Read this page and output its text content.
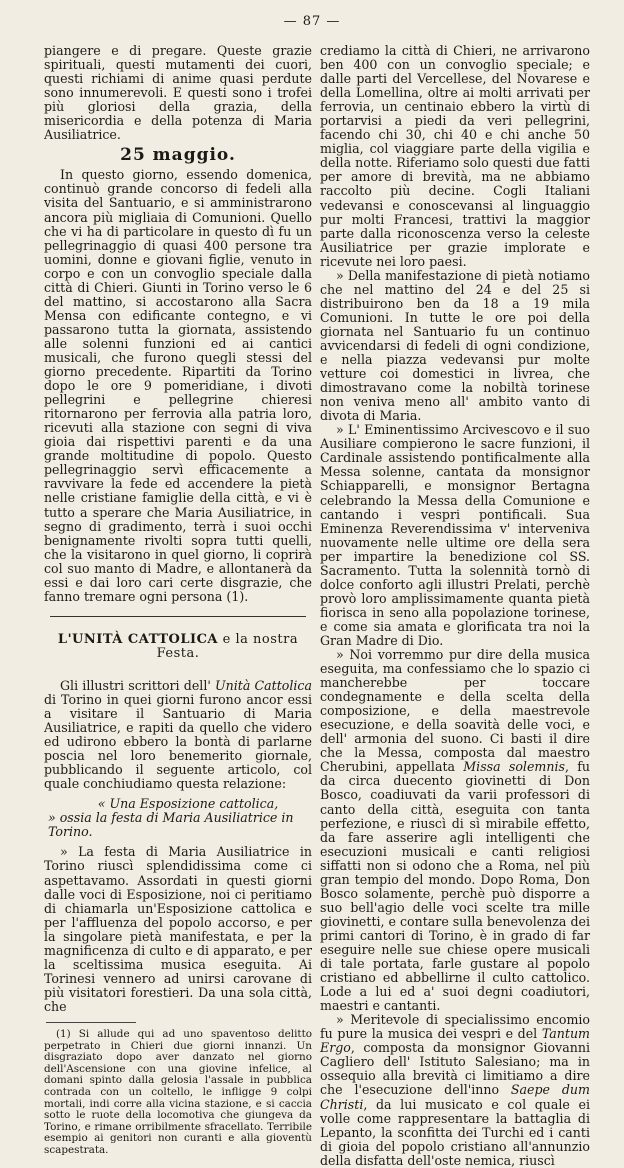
— 87 —

piangere e di pregare. Queste grazie spirituali, questi mutamenti dei cuori, questi richiami di anime quasi perdute sono innumerevoli. E questi sono i trofei più gloriosi della grazia, della misericordia e della potenza di Maria Ausiliatrice.

25 maggio.

In questo giorno, essendo domenica, continuò grande concorso di fedeli alla visita del Santuario, e si amministrarono ancora più migliaia di Comunioni. Quello che vi ha di particolare in questo dì fu un pellegrinaggio di quasi 400 persone tra uomini, donne e giovani figlie, venuto in corpo e con un convoglio speciale dalla città di Chieri. Giunti in Torino verso le 6 del mattino, si accostarono alla Sacra Mensa con edificante contegno, e vi passarono tutta la giornata, assistendo alle solenni funzioni ed ai cantici musicali, che furono quegli stessi del giorno precedente. Ripartiti da Torino dopo le ore 9 pomeridiane, i divoti pellegrini e pellegrine chieresi ritornarono per ferrovia alla patria loro, ricevuti alla stazione con segni di viva gioia dai rispettivi parenti e da una grande moltitudine di popolo. Questo pellegrinaggio servì efficacemente a ravvivare la fede ed accendere la pietà nelle cristiane famiglie della città, e vi è tutto a sperare che Maria Ausiliatrice, in segno di gradimento, terrà i suoi occhi benignamente rivolti sopra tutti quelli, che la visitarono in quel giorno, li coprirà col suo manto di Madre, e allontanerà da essi e dai loro cari certe disgrazie, che fanno tremare ogni persona (1).

L'UNITÀ CATTOLICA e la nostra Festa.

Gli illustri scrittori dell' Unità Cattolica di Torino in quei giorni furono ancor essi a visitare il Santuario di Maria Ausiliatrice, e rapiti da quello che videro ed udirono ebbero la bontà di parlarne poscia nel loro benemerito giornale, pubblicando il seguente articolo, col quale conchiudiamo questa relazione:

« Una Esposizione cattolica,
» ossia la festa di Maria Ausiliatrice in Torino.

» La festa di Maria Ausiliatrice in Torino riuscì splendidissima come ci aspettavamo. Assordati in questi giorni dalle voci di Esposizione, noi ci peritiamo di chiamarla un'Esposizione cattolica e per l'affluenza del popolo accorso, e per la singolare pietà manifestata, e per la magnificenza di culto e di apparato, e per la sceltissima musica eseguita. Ai Torinesi vennero ad unirsi carovane di più visitatori forestieri. Da una sola città, che

(1) Si allude qui ad uno spaventoso delitto perpetrato in Chieri due giorni innanzi. Un disgraziato dopo aver danzato nel giorno dell'Ascensione con una giovine infelice, al domani spinto dalla gelosia l'assale in pubblica contrada con un coltello, le infligge 9 colpi mortali, indi corre alla vicina stazione, e si caccia sotto le ruote della locomotiva che giungeva da Torino, e rimane orribilmente sfracellato. Terribile esempio ai genitori non curanti e alla gioventù scapestrata.

crediamo la città di Chieri, ne arrivarono ben 400 con un convoglio speciale; e dalle parti del Vercellese, del Novarese e della Lomellina, oltre ai molti arrivati per ferrovia, un centinaio ebbero la virtù di portarvisi a piedi da veri pellegrini, facendo chi 30, chi 40 e chi anche 50 miglia, col viaggiare parte della vigilia e della notte. Riferiamo solo questi due fatti per amore di brevità, ma ne abbiamo raccolto più decine. Cogli Italiani vedevansi e conoscevansi al linguaggio pur molti Francesi, trattivi la maggior parte dalla riconoscenza verso la celeste Ausiliatrice per grazie implorate e ricevute nei loro paesi.

» Della manifestazione di pietà notiamo che nel mattino del 24 e del 25 si distribuirono ben da 18 a 19 mila Comunioni. In tutte le ore poi della giornata nel Santuario fu un continuo avvicendarsi di fedeli di ogni condizione, e nella piazza vedevansi pur molte vetture coi domestici in livrea, che dimostravano come la nobiltà torinese non veniva meno all' ambito vanto di divota di Maria.

» L' Eminentissimo Arcivescovo e il suo Ausiliare compierono le sacre funzioni, il Cardinale assistendo pontificalmente alla Messa solenne, cantata da monsignor Schiapparelli, e monsignor Bertagna celebrando la Messa della Comunione e cantando i vespri pontificali. Sua Eminenza Reverendissima v' interveniva nuovamente nelle ultime ore della sera per impartire la benedizione col SS. Sacramento. Tutta la solennità tornò di dolce conforto agli illustri Prelati, perchè provò loro amplissimamente quanta pietà fiorisca in seno alla popolazione torinese, e come sia amata e glorificata tra noi la Gran Madre di Dio.

» Noi vorremmo pur dire della musica eseguita, ma confessiamo che lo spazio ci mancherebbe per toccare condegnamente e della scelta della composizione, e della maestrevole esecuzione, e della soavità delle voci, e dell' armonia del suono. Ci basti il dire che la Messa, composta dal maestro Cherubini, appellata Missa solemnis, fu da circa duecento giovinetti di Don Bosco, coadiuvati da varii professori di canto della città, eseguita con tanta perfezione, e riuscì di sì mirabile effetto, da fare asserire agli intelligenti che esecuzioni musicali e canti religiosi siffatti non si odono che a Roma, nel più gran tempio del mondo. Dopo Roma, Don Bosco solamente, perchè può disporre a suo bell'agio delle voci scelte tra mille giovinetti, e contare sulla benevolenza dei primi cantori di Torino, è in grado di far eseguire nelle sue chiese opere musicali di tale portata, farle gustare al popolo cristiano ed abbellirne il culto cattolico. Lode a lui ed a' suoi degni coadiutori, maestri e cantanti.

» Meritevole di specialissimo encomio fu pure la musica dei vespri e del Tantum Ergo, composta da monsignor Giovanni Cagliero dell' Istituto Salesiano; ma in ossequio alla brevità ci limitiamo a dire che l'esecuzione dell'inno Saepe dum Christi, da lui musicato e col quale ei volle come rappresentare la battaglia di Lepanto, la sconfitta dei Turchi ed i canti di gioia del popolo cristiano all'annunzio della disfatta dell'oste nemica, riuscì
